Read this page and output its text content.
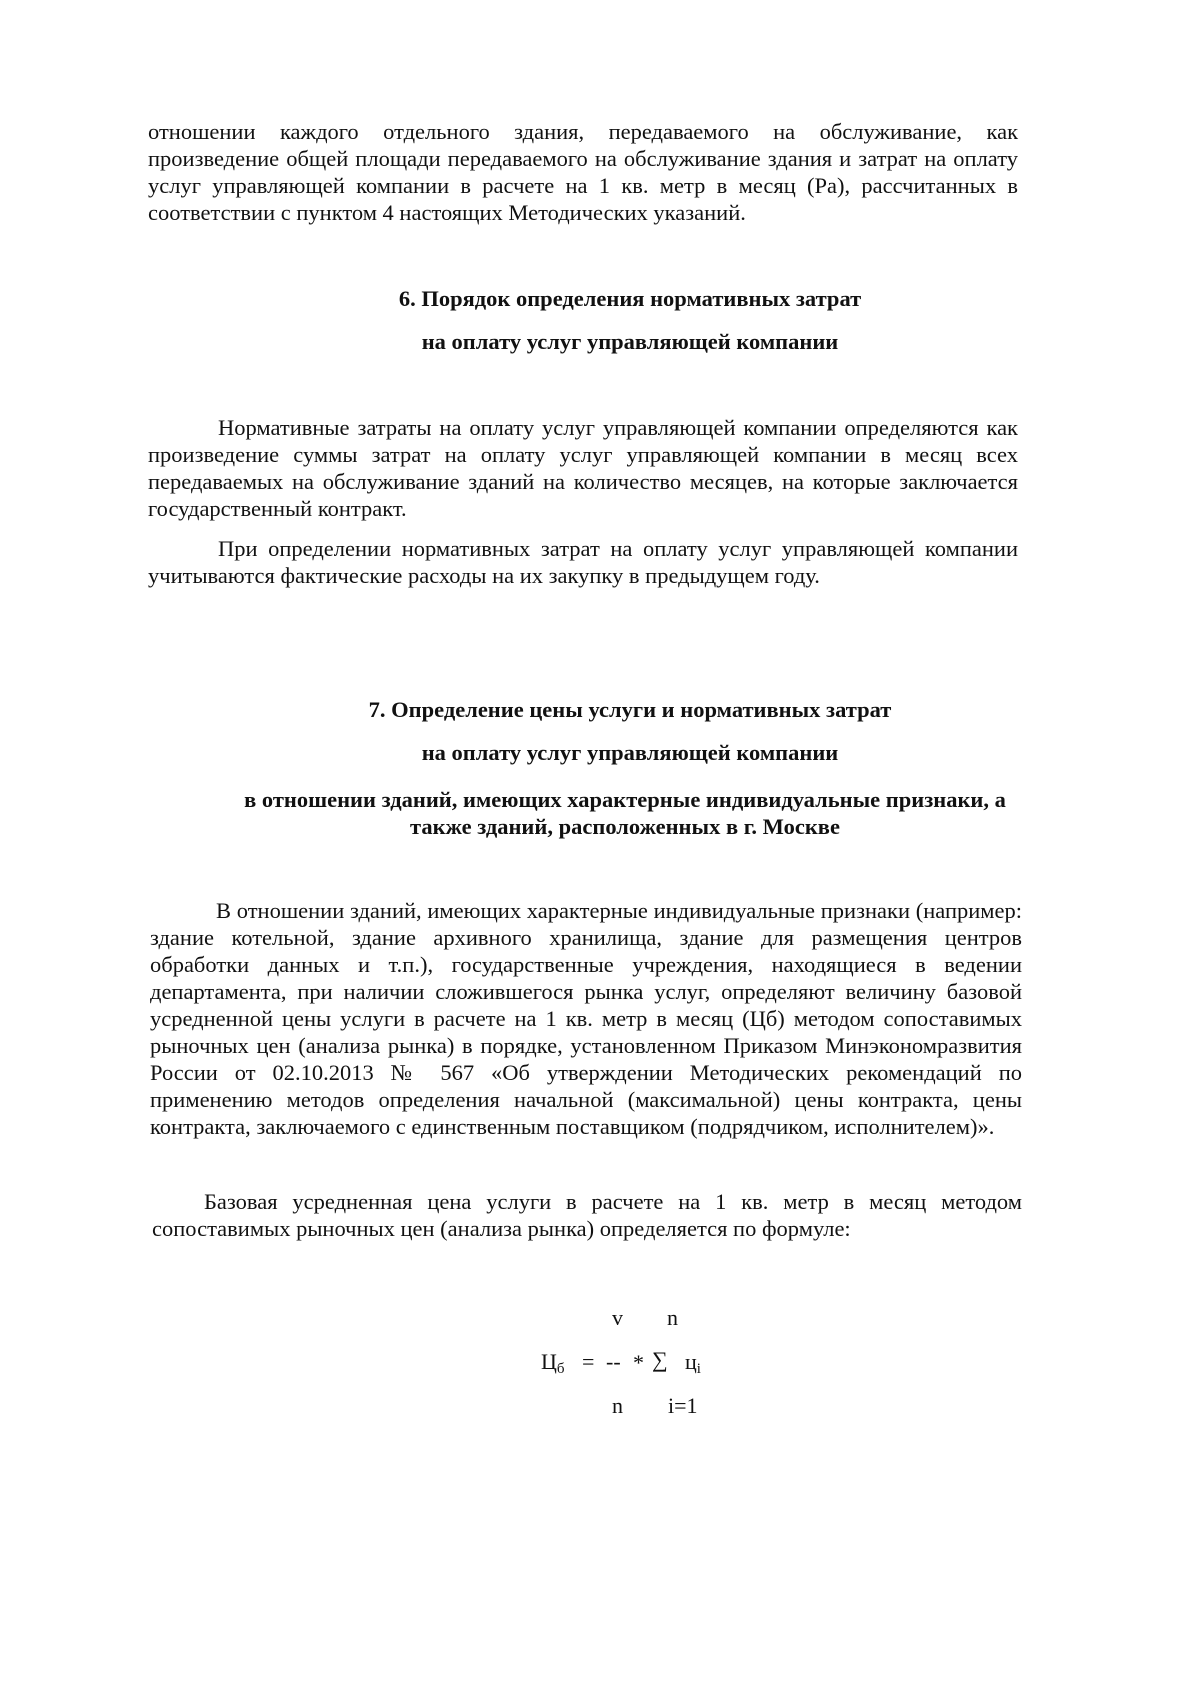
отношении каждого отдельного здания, передаваемого на обслуживание, как произведение общей площади передаваемого на обслуживание здания и затрат на оплату услуг управляющей компании в расчете на 1 кв. метр в месяц (Pа), рассчитанных в соответствии с пунктом 4 настоящих Методических указаний.

6. Порядок определения нормативных затрат

на оплату услуг управляющей компании

Нормативные затраты на оплату услуг управляющей компании определяются как произведение суммы затрат на оплату услуг управляющей компании в месяц всех передаваемых на обслуживание зданий на количество месяцев, на которые заключается государственный контракт.

При определении нормативных затрат на оплату услуг управляющей компании учитываются фактические расходы на их закупку в предыдущем году.

7. Определение цены услуги и нормативных затрат

на оплату услуг управляющей компании

в отношении зданий, имеющих характерные индивидуальные признаки, а

также зданий, расположенных в г. Москве

В отношении зданий, имеющих характерные индивидуальные признаки (например: здание котельной, здание архивного хранилища, здание для размещения центров обработки данных и т.п.), государственные учреждения, находящиеся в ведении департамента, при наличии сложившегося рынка услуг, определяют величину базовой усредненной цены услуги в расчете на 1 кв. метр в месяц (Цб) методом сопоставимых рыночных цен (анализа рынка) в порядке, установленном Приказом Минэкономразвития России от 02.10.2013 № 567 «Об утверждении Методических рекомендаций по применению методов определения начальной (максимальной) цены контракта, цены контракта, заключаемого с единственным поставщиком (подрядчиком, исполнителем)».

Базовая усредненная цена услуги в расчете на 1 кв. метр в месяц методом сопоставимых рыночных цен (анализа рынка) определяется по формуле:

v n
$Ц_б$ = -- * ∑ $ц_i$
n i=1
